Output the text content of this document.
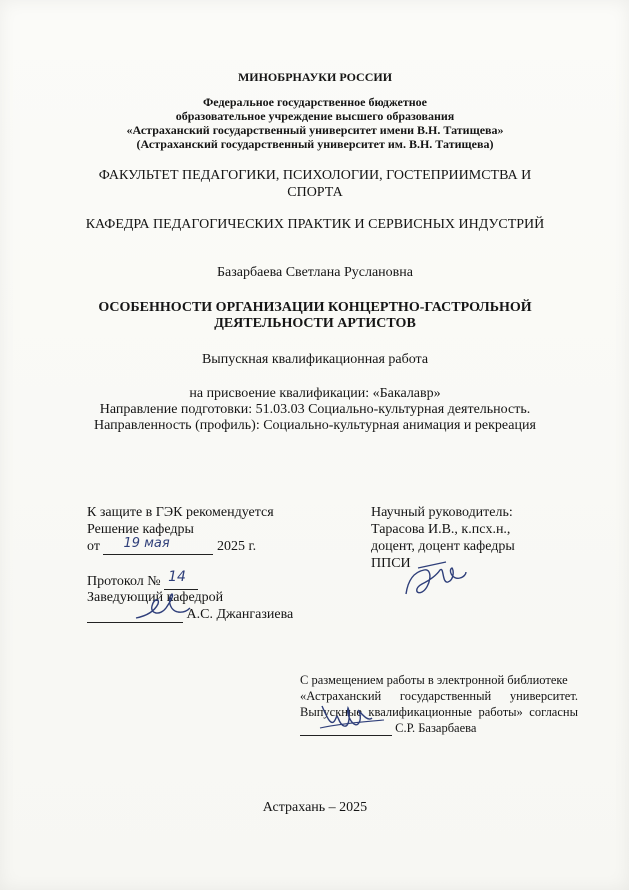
МИНОБРНАУКИ РОССИИ
Федеральное государственное бюджетное
образовательное учреждение высшего образования
«Астраханский государственный университет имени В.Н. Татищева»
(Астраханский государственный университет им. В.Н. Татищева)
ФАКУЛЬТЕТ ПЕДАГОГИКИ, ПСИХОЛОГИИ, ГОСТЕПРИИМСТВА И
СПОРТА
КАФЕДРА ПЕДАГОГИЧЕСКИХ ПРАКТИК И СЕРВИСНЫХ ИНДУСТРИЙ
Базарбаева Светлана Руслановна
ОСОБЕННОСТИ ОРГАНИЗАЦИИ КОНЦЕРТНО-ГАСТРОЛЬНОЙ
ДЕЯТЕЛЬНОСТИ АРТИСТОВ
Выпускная квалификационная работа
на присвоение квалификации: «Бакалавр»
Направление подготовки: 51.03.03 Социально-культурная деятельность.
Направленность (профиль): Социально-культурная анимация и рекреация
К защите в ГЭК рекомендуется
Решение кафедры
от 19 мая	2025 г.
Протокол № 14
Заведующий кафедрой
А.С. Джангазиева
Научный руководитель:
Тарасова И.В., к.пcх.н.,
доцент, доцент кафедры
ППСИ
С размещением работы в электронной библиотеке
«Астраханский государственный университет.
Выпускные квалификационные работы» согласны
С.Р. Базарбаева
Астрахань – 2025
